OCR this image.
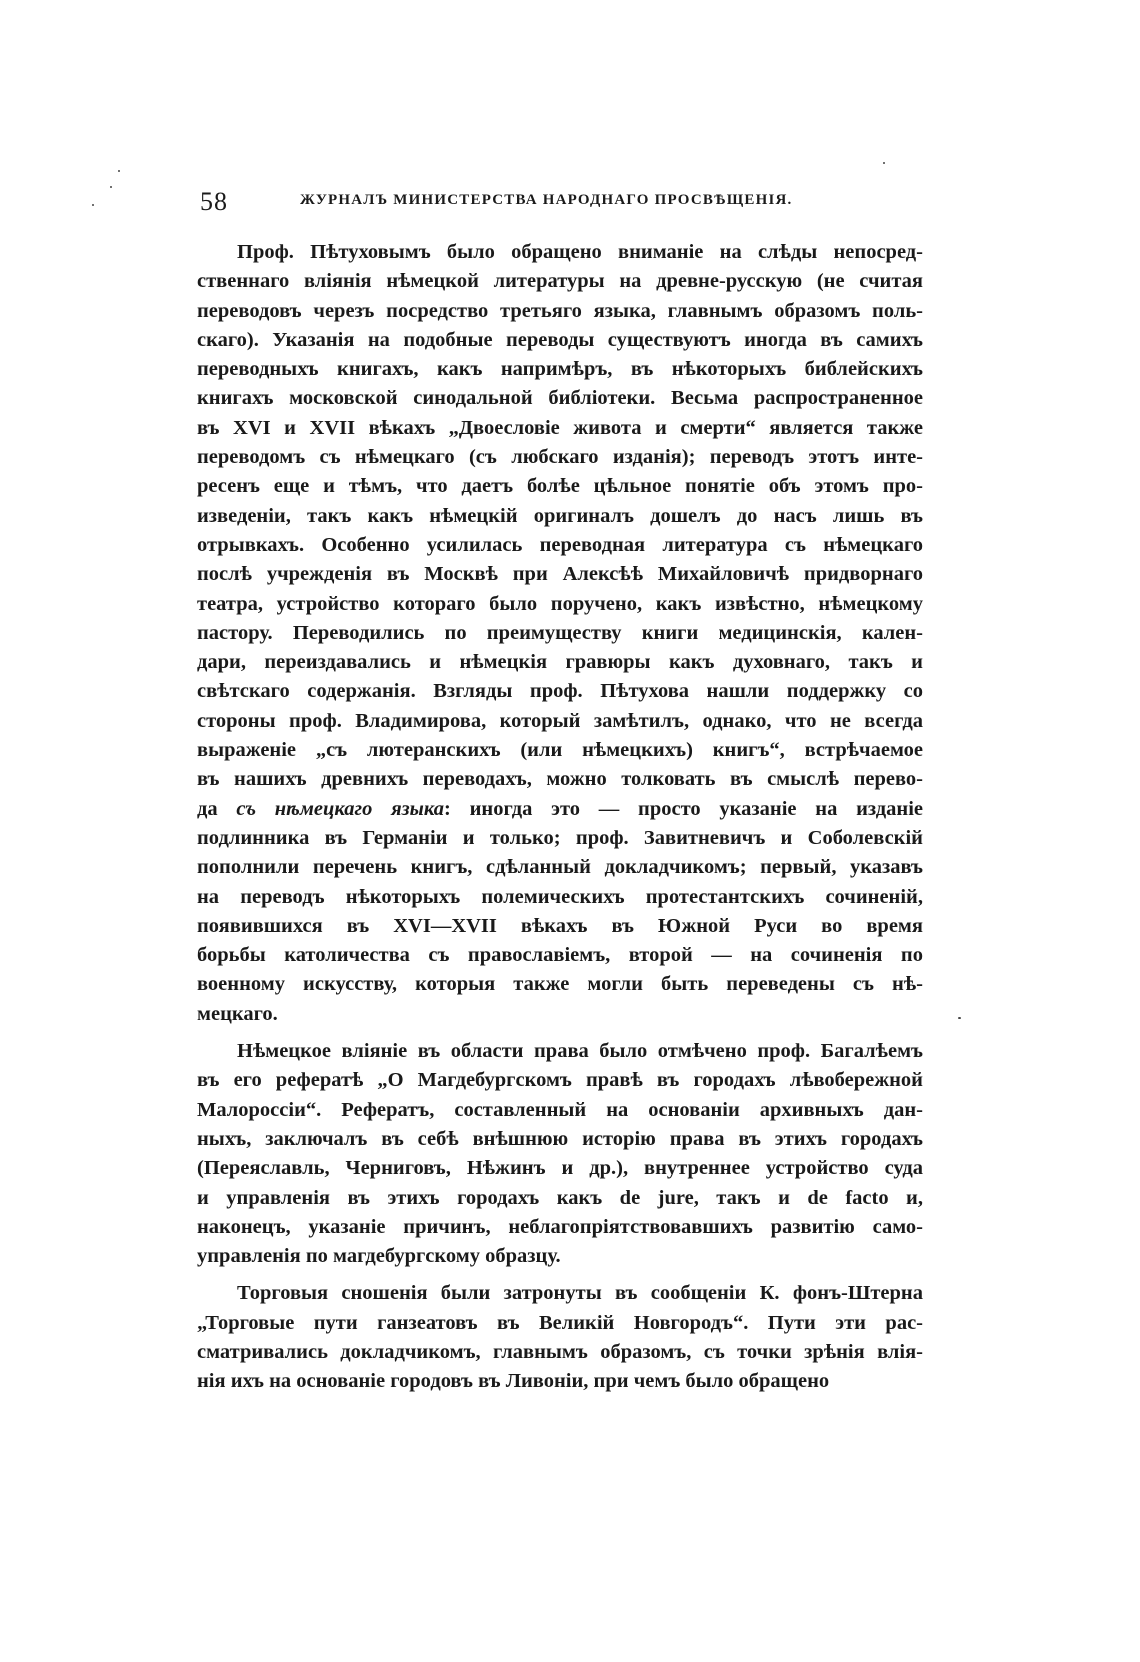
58	ЖУРНАЛЪ МИНИСТЕРСТВА НАРОДНАГО ПРОСВѢЩЕНІЯ.
Проф. Пѣтуховымъ было обращено вниманіе на слѣды непосред-
ственнаго вліянія нѣмецкой литературы на древне-русскую (не считая
переводовъ черезъ посредство третьяго языка, главнымъ образомъ поль-
скаго). Указанія на подобные переводы существуютъ иногда въ самихъ
переводныхъ книгахъ, какъ напримѣръ, въ нѣкоторыхъ библейскихъ
книгахъ московской синодальной библіотеки. Весьма распространенное
въ XVI и XVII вѣкахъ „Двоесловіе живота и смерти“ является также
переводомъ съ нѣмецкаго (съ любскаго изданія); переводъ этотъ инте-
ресенъ еще и тѣмъ, что даетъ болѣе цѣльное понятіе объ этомъ про-
изведеніи, такъ какъ нѣмецкій оригиналъ дошелъ до насъ лишь въ
отрывкахъ. Особенно усилилась переводная литература съ нѣмецкаго
послѣ учрежденія въ Москвѣ при Алексѣѣ Михайловичѣ придворнаго
театра, устройство котораго было поручено, какъ извѣстно, нѣмецкому
пастору. Переводились по преимуществу книги медицинскія, кален-
дари, переиздавались и нѣмецкія гравюры какъ духовнаго, такъ и
свѣтскаго содержанія. Взгляды проф. Пѣтухова нашли поддержку со
стороны проф. Владимирова, который замѣтилъ, однако, что не всегда
выраженіе „съ лютеранскихъ (или нѣмецкихъ) книгъ“, встрѣчаемое
въ нашихъ древнихъ переводахъ, можно толковать въ смыслѣ перево-
да съ нѣмецкаго языка: иногда это — просто указаніе на изданіе
подлинника въ Германіи и только; проф. Завитневичъ и Соболевскій
пополнили перечень книгъ, сдѣланный докладчикомъ; первый, указавъ
на переводъ нѣкоторыхъ полемическихъ протестантскихъ сочиненій,
появившихся въ XVI—XVII вѣкахъ въ Южной Руси во время
борьбы католичества съ православіемъ, второй — на сочиненія по
военному искусству, которыя также могли быть переведены съ нѣ-
мецкаго.
Нѣмецкое вліяніе въ области права было отмѣчено проф. Багалѣемъ
въ его рефератѣ „О Магдебургскомъ правѣ въ городахъ лѣвобережной
Малороссіи“. Рефератъ, составленный на основаніи архивныхъ дан-
ныхъ, заключалъ въ себѣ внѣшнюю исторію права въ этихъ городахъ
(Переяславль, Черниговъ, Нѣжинъ и др.), внутреннее устройство суда
и управленія въ этихъ городахъ какъ de jure, такъ и de facto и,
наконецъ, указаніе причинъ, неблагопріятствовавшихъ развитію само-
управленія по магдебургскому образцу.
Торговыя сношенія были затронуты въ сообщеніи К. фонъ-Штерна
„Торговые пути ганзеатовъ въ Великій Новгородъ“. Пути эти рас-
сматривались докладчикомъ, главнымъ образомъ, съ точки зрѣнія влія-
нія ихъ на основаніе городовъ въ Ливоніи, при чемъ было обращено
